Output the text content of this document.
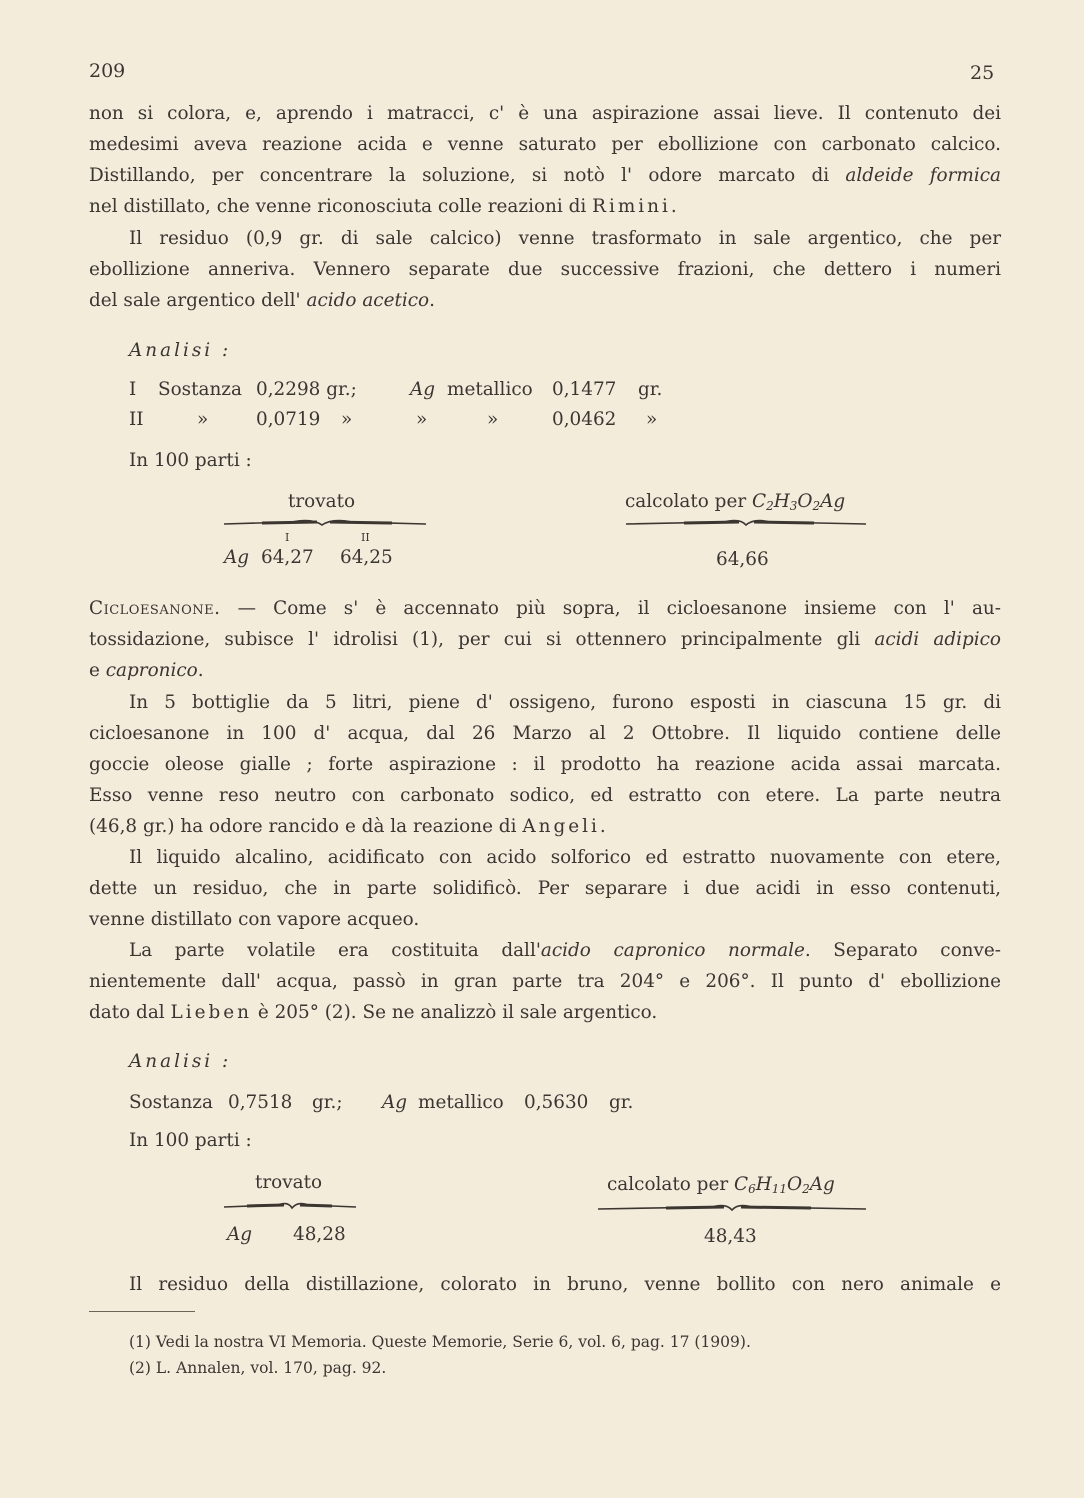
209	25
non si colora, e, aprendo i matracci, c' è una aspirazione assai lieve. Il contenuto dei
medesimi aveva reazione acida e venne saturato per ebollizione con carbonato calcico.
Distillando, per concentrare la soluzione, si notò l' odore marcato di aldeide formica
nel distillato, che venne riconosciuta colle reazioni di Rimini.
Il residuo (0,9 gr. di sale calcico) venne trasformato in sale argentico, che per
ebollizione anneriva. Vennero separate due successive frazioni, che dettero i numeri
del sale argentico dell' acido acetico.
Analisi :
I Sostanza 0,2298 gr.;	Ag metallico 0,1477 gr.
II	»	0,0719 »	»	»	0,0462 »
In 100 parti :
trovato	calcolato per $C_2H_3O_2Ag$
I	II
Ag 64,27 64,25	64,66
Cicloesanone. — Come s' è accennato più sopra, il cicloesanone insieme con l' au-
tossidazione, subisce l' idrolisi (1), per cui si ottennero principalmente gli acidi adipico
e capronico.
In 5 bottiglie da 5 litri, piene d' ossigeno, furono esposti in ciascuna 15 gr. di
cicloesanone in 100 d' acqua, dal 26 Marzo al 2 Ottobre. Il liquido contiene delle
goccie oleose gialle ; forte aspirazione : il prodotto ha reazione acida assai marcata.
Esso venne reso neutro con carbonato sodico, ed estratto con etere. La parte neutra
(46,8 gr.) ha odore rancido e dà la reazione di Angeli.
Il liquido alcalino, acidificato con acido solforico ed estratto nuovamente con etere,
dette un residuo, che in parte solidificò. Per separare i due acidi in esso contenuti,
venne distillato con vapore acqueo.
La parte volatile era costituita dall'acido capronico normale. Separato conve-
nientemente dall' acqua, passò in gran parte tra 204° e 206°. Il punto d' ebollizione
dato dal Lieben è 205° (2). Se ne analizzò il sale argentico.
Analisi :
Sostanza 0,7518 gr.; Ag metallico 0,5630 gr.
In 100 parti :
trovato	calcolato per $C_6H_{11}O_2Ag$
Ag 48,28	48,43
Il residuo della distillazione, colorato in bruno, venne bollito con nero animale e
(1) Vedi la nostra VI Memoria. Queste Memorie, Serie 6, vol. 6, pag. 17 (1909).
(2) L. Annalen, vol. 170, pag. 92.
